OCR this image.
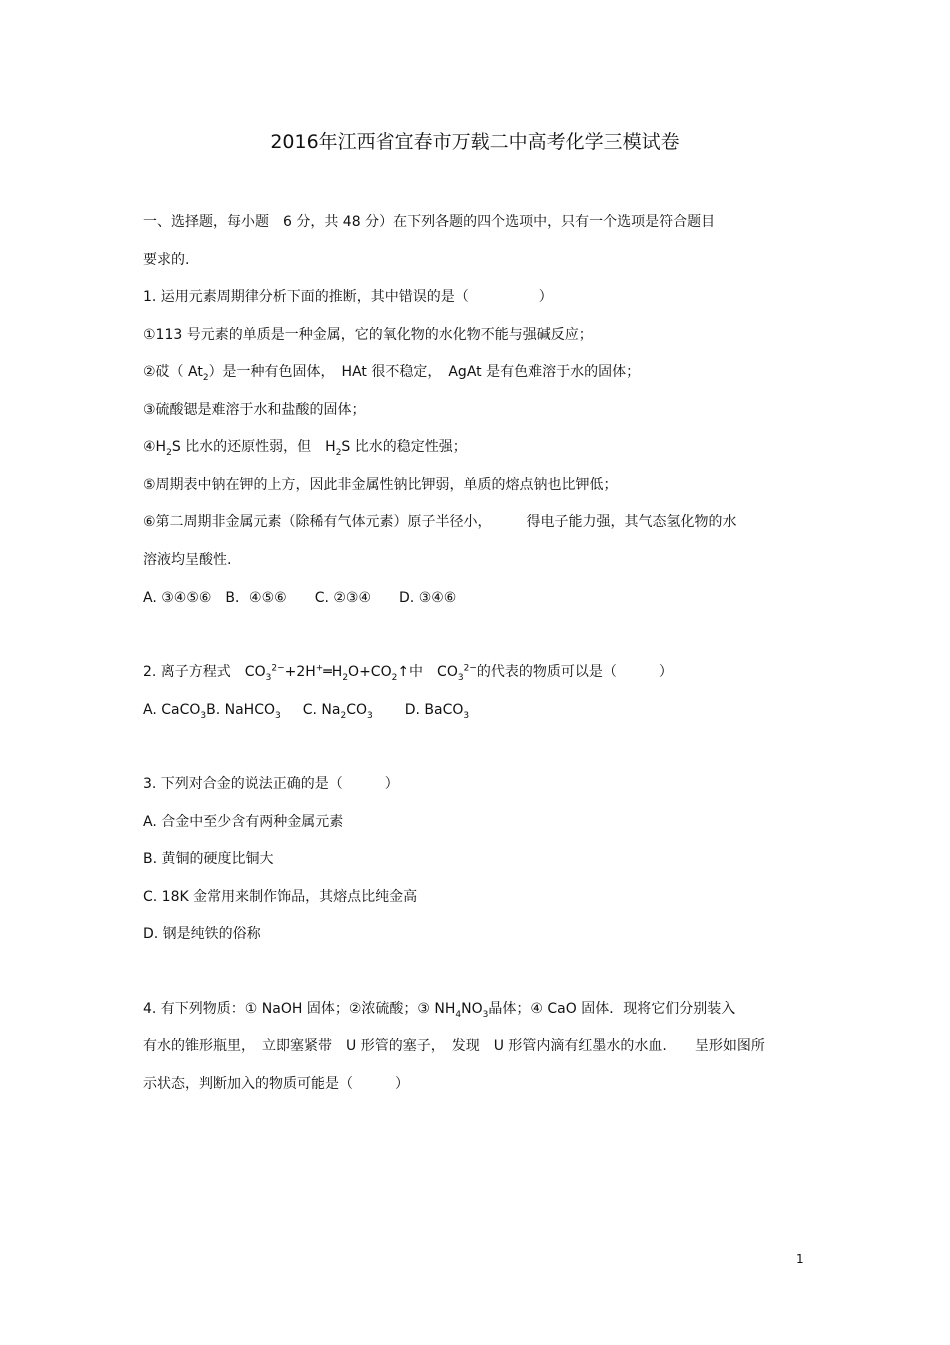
2016年江西省宜春市万载二中高考化学三模试卷
一、选择题，每小题　6 分，共 48 分）在下列各题的四个选项中，只有一个选项是符合题目
要求的.
1. 运用元素周期律分析下面的推断，其中错误的是（　　　　　）
①113 号元素的单质是一种金属，它的氧化物的水化物不能与强碱反应；
②砹（ $At_2$）是一种有色固体，　HAt 很不稳定，　AgAt 是有色难溶于水的固体；
③硫酸锶是难溶于水和盐酸的固体；
$④H_2S$ 比水的还原性弱，但　$H_2S$ 比水的稳定性强；
⑤周期表中钠在钾的上方，因此非金属性钠比钾弱，单质的熔点钠也比钾低；
⑥第二周期非金属元素（除稀有气体元素）原子半径小，　　　得电子能力强，其气态氢化物的水
溶液均呈酸性.
A. ③④⑤⑥　B．④⑤⑥　　C. ②③④　　D. ③④⑥
2. 离子方程式　$CO_3^{2-}+2H^+═H_2O+CO_2↑$中　$CO_3^{2-}$的代表的物质可以是（　　　）
A. CaCO$_3$B. NaHCO$_3$ C. $Na_2CO_3$ D. BaCO$_3$
3. 下列对合金的说法正确的是（　　　）
A. 合金中至少含有两种金属元素
B. 黄铜的硬度比铜大
C. 18K 金常用来制作饰品，其熔点比纯金高
D. 钢是纯铁的俗称
4. 有下列物质：① NaOH 固体；②浓硫酸；③ $NH_4NO_3$晶体；④ CaO 固体．现将它们分别装入
有水的锥形瓶里，　立即塞紧带　U 形管的塞子，　发现　U 形管内滴有红墨水的水血.　　呈形如图所
示状态，判断加入的物质可能是（　　　）
1
